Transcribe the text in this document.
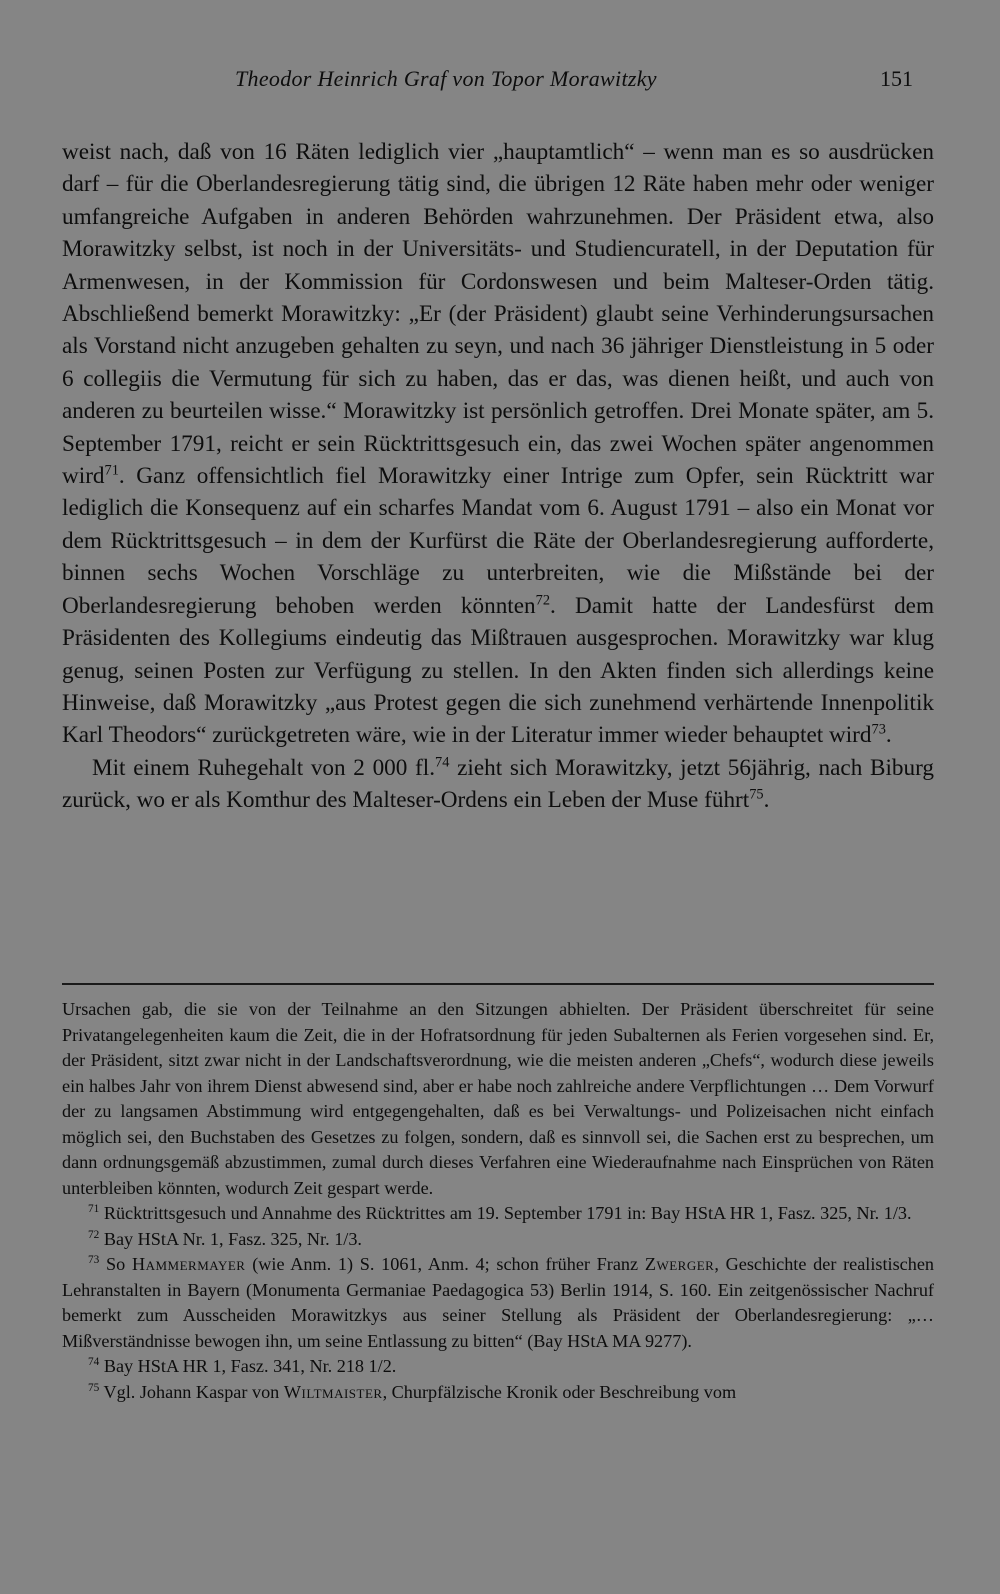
Theodor Heinrich Graf von Topor Morawitzky	151

weist nach, daß von 16 Räten lediglich vier „hauptamtlich“ – wenn man es so ausdrücken darf – für die Oberlandesregierung tätig sind, die übrigen 12 Räte haben mehr oder weniger umfangreiche Aufgaben in anderen Behörden wahrzunehmen. Der Präsident etwa, also Morawitzky selbst, ist noch in der Universitäts- und Studiencuratell, in der Deputation für Armenwesen, in der Kommission für Cordonswesen und beim Malteser-Orden tätig. Abschließend bemerkt Morawitzky: „Er (der Präsident) glaubt seine Verhinderungsursachen als Vorstand nicht anzugeben gehalten zu seyn, und nach 36 jähriger Dienstleistung in 5 oder 6 collegiis die Vermutung für sich zu haben, das er das, was dienen heißt, und auch von anderen zu beurteilen wisse.“ Morawitzky ist persönlich getroffen. Drei Monate später, am 5. September 1791, reicht er sein Rücktrittsgesuch ein, das zwei Wochen später angenommen wird$^{71}$. Ganz offensichtlich fiel Morawitzky einer Intrige zum Opfer, sein Rücktritt war lediglich die Konsequenz auf ein scharfes Mandat vom 6. August 1791 – also ein Monat vor dem Rücktrittsgesuch – in dem der Kurfürst die Räte der Oberlandesregierung aufforderte, binnen sechs Wochen Vorschläge zu unterbreiten, wie die Mißstände bei der Oberlandesregierung behoben werden könnten$^{72}$. Damit hatte der Landesfürst dem Präsidenten des Kollegiums eindeutig das Mißtrauen ausgesprochen. Morawitzky war klug genug, seinen Posten zur Verfügung zu stellen. In den Akten finden sich allerdings keine Hinweise, daß Morawitzky „aus Protest gegen die sich zunehmend verhärtende Innenpolitik Karl Theodors“ zurückgetreten wäre, wie in der Literatur immer wieder behauptet wird$^{73}$.

Mit einem Ruhegehalt von 2 000 fl.$^{74}$ zieht sich Morawitzky, jetzt 56jährig, nach Biburg zurück, wo er als Komthur des Malteser-Ordens ein Leben der Muse führt$^{75}$.

Ursachen gab, die sie von der Teilnahme an den Sitzungen abhielten. Der Präsident überschreitet für seine Privatangelegenheiten kaum die Zeit, die in der Hofratsordnung für jeden Subalternen als Ferien vorgesehen sind. Er, der Präsident, sitzt zwar nicht in der Landschaftsverordnung, wie die meisten anderen „Chefs“, wodurch diese jeweils ein halbes Jahr von ihrem Dienst abwesend sind, aber er habe noch zahlreiche andere Verpflichtungen … Dem Vorwurf der zu langsamen Abstimmung wird entgegengehalten, daß es bei Verwaltungs- und Polizeisachen nicht einfach möglich sei, den Buchstaben des Gesetzes zu folgen, sondern, daß es sinnvoll sei, die Sachen erst zu besprechen, um dann ordnungsgemäß abzustimmen, zumal durch dieses Verfahren eine Wiederaufnahme nach Einsprüchen von Räten unterbleiben könnten, wodurch Zeit gespart werde.

$^{71}$ Rücktrittsgesuch und Annahme des Rücktrittes am 19. September 1791 in: Bay HStA HR 1, Fasz. 325, Nr. 1/3.

$^{72}$ Bay HStA Nr. 1, Fasz. 325, Nr. 1/3.

$^{73}$ So Hammermayer (wie Anm. 1) S. 1061, Anm. 4; schon früher Franz Zwerger, Geschichte der realistischen Lehranstalten in Bayern (Monumenta Germaniae Paedagogica 53) Berlin 1914, S. 160. Ein zeitgenössischer Nachruf bemerkt zum Ausscheiden Morawitzkys aus seiner Stellung als Präsident der Oberlandesregierung: „… Mißverständnisse bewogen ihn, um seine Entlassung zu bitten“ (Bay HStA MA 9277).

$^{74}$ Bay HStA HR 1, Fasz. 341, Nr. 218 1/2.

$^{75}$ Vgl. Johann Kaspar von Wiltmaister, Churpfälzische Kronik oder Beschreibung vom
